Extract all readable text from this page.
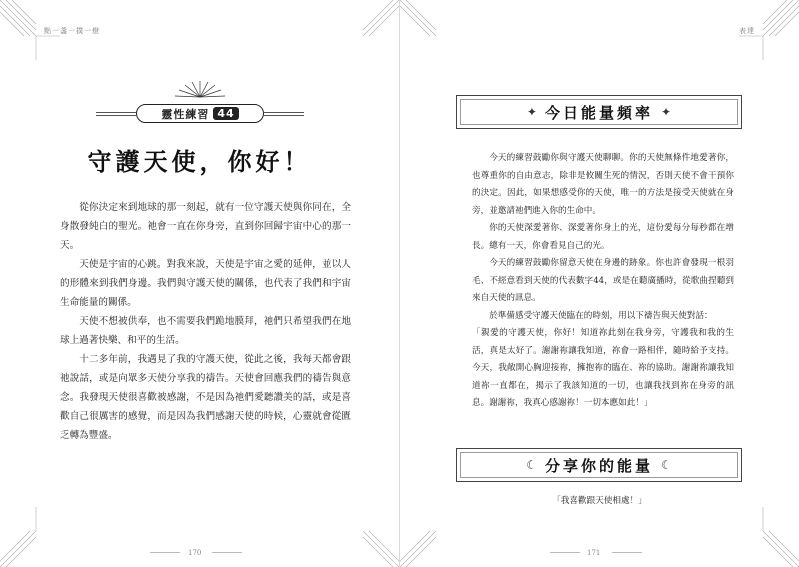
點一盞一撲一燈
靈性練習 44
守護天使，你好！

從你決定來到地球的那一刻起，就有一位守護天使與你同在，全身散發純白的聖光。祂會一直在你身旁，直到你回歸宇宙中心的那一天。

天使是宇宙的心跳。對我來說，天使是宇宙之愛的延伸，並以人的形體來到我們身邊。我們與守護天使的關係，也代表了我們和宇宙生命能量的關係。

天使不想被供奉，也不需要我們跪地膜拜，祂們只希望我們在地球上過著快樂、和平的生活。

十二多年前，我遇見了我的守護天使，從此之後，我每天都會跟祂說話，或是向眾多天使分享我的禱告。天使會回應我們的禱告與意念。我發現天使很喜歡被感謝，不是因為祂們愛聽讚美的話，或是喜歡自己很厲害的感覺，而是因為我們感謝天使的時候，心靈就會從匱乏轉為豐盛。

170
表達
✦ 今日能量頻率 ✦

今天的練習鼓勵你與守護天使聊聊。你的天使無條件地愛著你，也尊重你的自由意志，除非是攸關生死的情況，否則天使不會干預你的決定。因此，如果想感受你的天使，唯一的方法是接受天使就在身旁，並邀請祂們進入你的生命中。

你的天使深愛著你、深愛著你身上的光，這份愛每分每秒都在增長。總有一天，你會看見自己的光。

今天的練習鼓勵你留意天使在身邊的跡象。你也許會發現一根羽毛、不經意看到天使的代表數字44，或是在聽廣播時，從歌曲捏聽到來自天使的訊息。

於準備感受守護天使臨在的時刻，用以下禱告與天使對話：

「親愛的守護天使，你好！知道祢此刻在我身旁，守護我和我的生活，真是太好了。謝謝祢讓我知道，祢會一路相伴，隨時給予支持。今天，我敞開心胸迎接祢，擁抱祢的臨在、祢的協助。謝謝祢讓我知道祢一直都在，揭示了我該知道的一切，也讓我找到祢在身旁的訊息。謝謝祢，我真心感謝祢！一切本應如此！」

☾ 分享你的能量 ☾
「我喜歡跟天使相處！」
171
